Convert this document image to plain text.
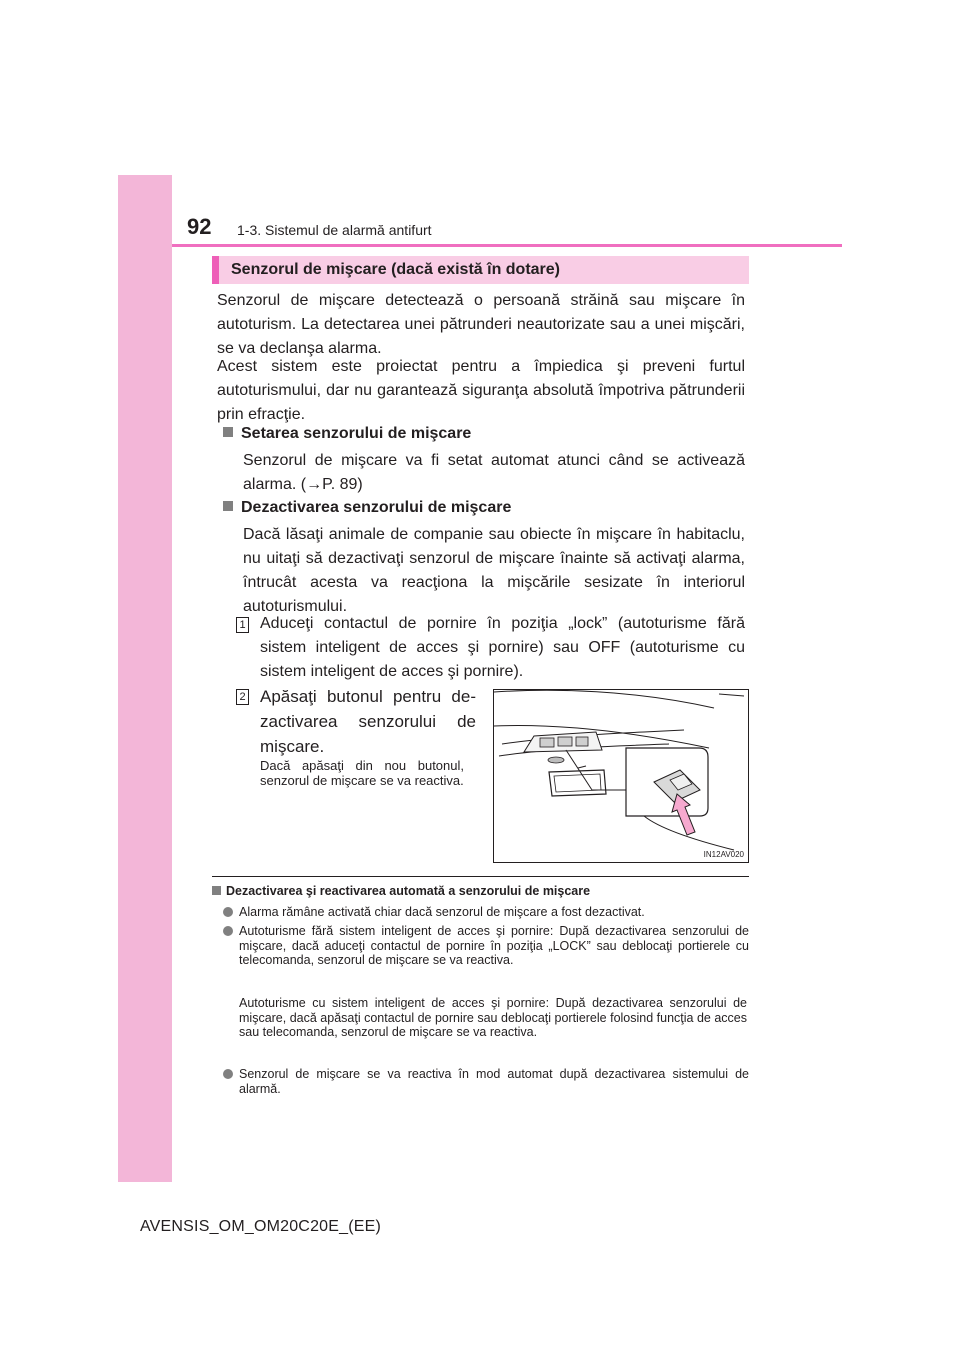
92 1-3. Sistemul de alarmă antifurt
Senzorul de mişcare (dacă există în dotare)

Senzorul de mişcare detectează o persoană străină sau mişcare în autoturism. La detectarea unei pătrunderi neautorizate sau a unei mişcări, se va declanşa alarma.

Acest sistem este proiectat pentru a împiedica şi preveni furtul autoturismului, dar nu garantează siguranţa absolută împotriva pătrunderii prin efracţie.

Setarea senzorului de mişcare

Senzorul de mişcare va fi setat automat atunci când se activează alarma. (→P. 89)

Dezactivarea senzorului de mişcare

Dacă lăsaţi animale de companie sau obiecte în mişcare în habitaclu, nu uitaţi să dezactivaţi senzorul de mişcare înainte să activaţi alarma, întrucât acesta va reacţiona la mişcările sesizate în interiorul autoturismului.

1 Aduceţi contactul de pornire în poziţia „lock” (autoturisme fără sistem inteligent de acces şi pornire) sau OFF (autoturisme cu sistem inteligent de acces şi pornire).

2 Apăsaţi butonul pentru de-zactivarea senzorului de mişcare.

Dacă apăsaţi din nou butonul, senzorul de mişcare se va reactiva.

IN12AV020
Dezactivarea şi reactivarea automată a senzorului de mişcare
Alarma rămâne activată chiar dacă senzorul de mişcare a fost dezactivat.
Autoturisme fără sistem inteligent de acces şi pornire: După dezactivarea senzorului de mişcare, dacă aduceţi contactul de pornire în poziţia „LOCK” sau deblocaţi portierele cu telecomanda, senzorul de mişcare se va reactiva.
Autoturisme cu sistem inteligent de acces şi pornire: După dezactivarea senzorului de mişcare, dacă apăsaţi contactul de pornire sau deblocaţi portierele folosind funcţia de acces sau telecomanda, senzorul de mişcare se va reactiva.
Senzorul de mişcare se va reactiva în mod automat după dezactivarea sistemului de alarmă.
AVENSIS_OM_OM20C20E_(EE)
